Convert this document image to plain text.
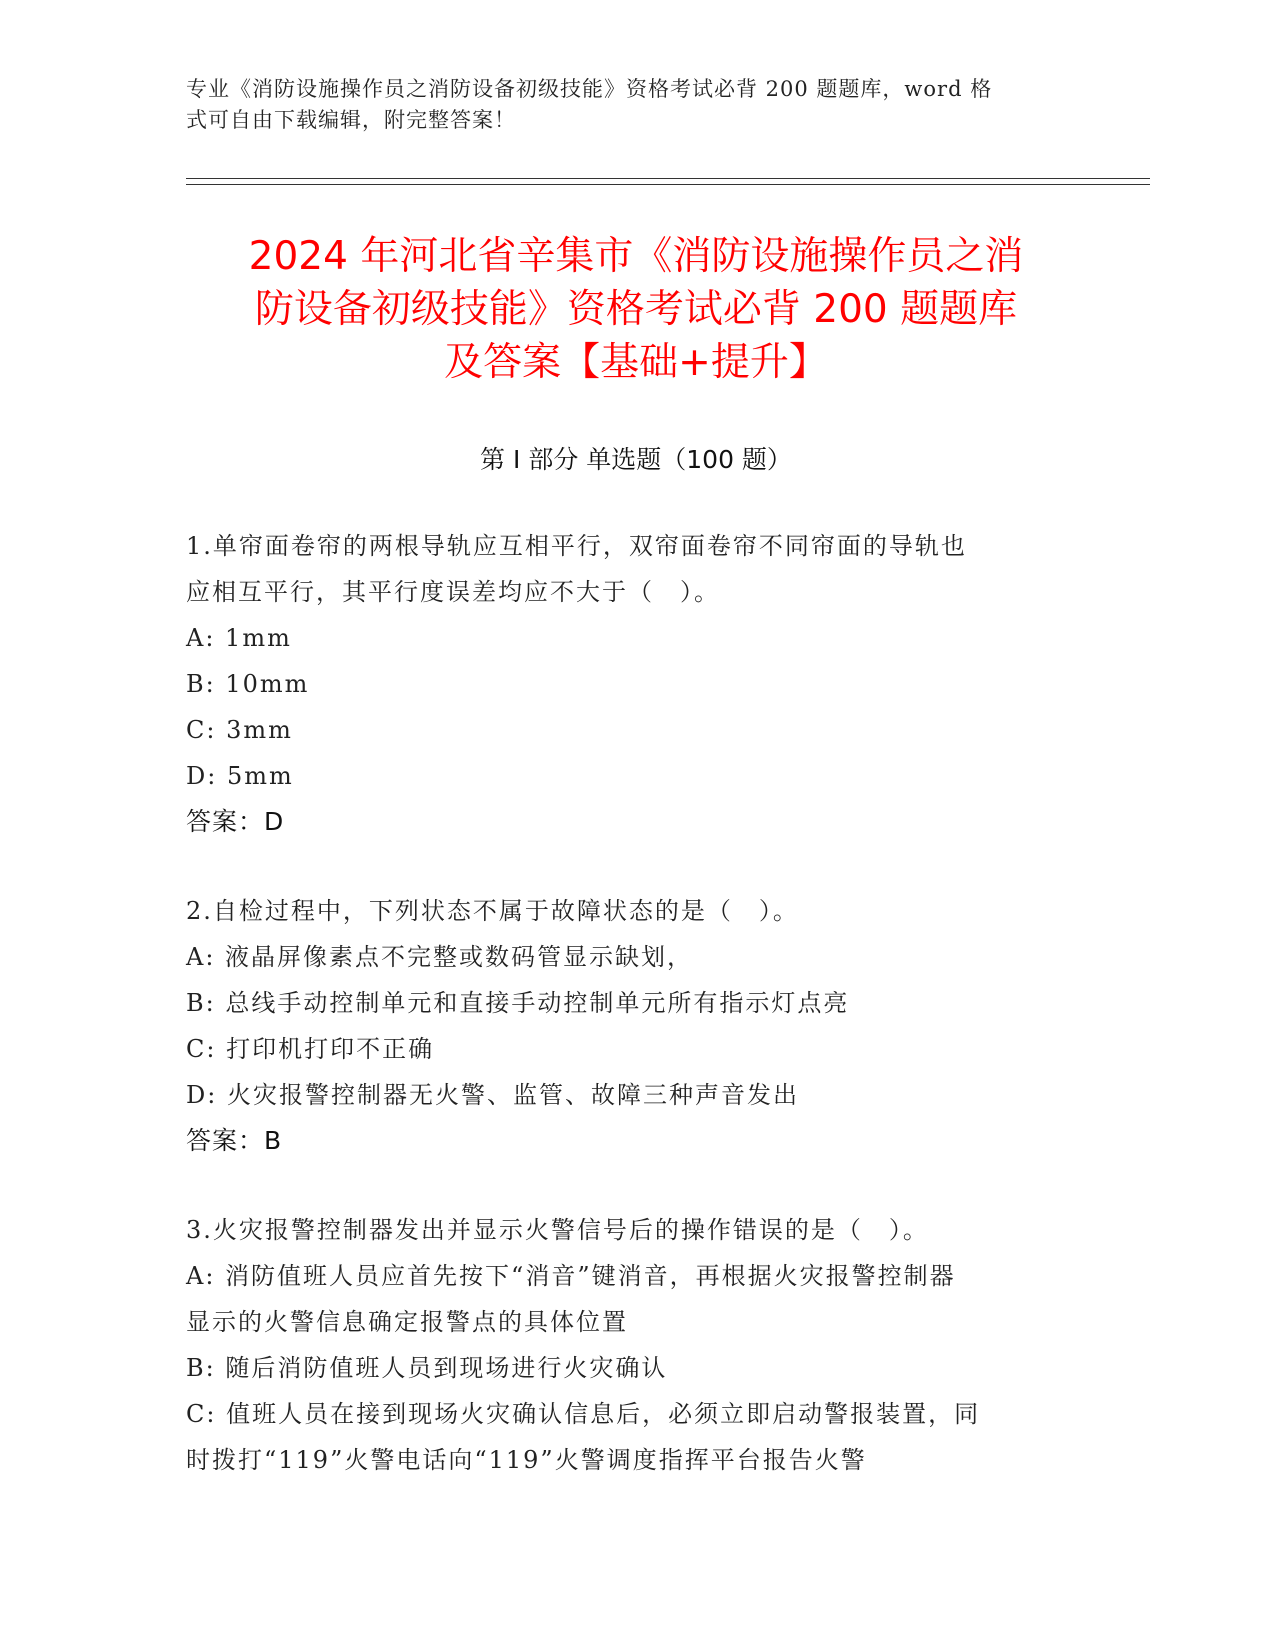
专业《消防设施操作员之消防设备初级技能》资格考试必背 200 题题库，word 格
式可自由下载编辑，附完整答案！
2024 年河北省辛集市《消防设施操作员之消
防设备初级技能》资格考试必背 200 题题库
及答案【基础+提升】
第 I 部分 单选题（100 题）

1.单帘面卷帘的两根导轨应互相平行，双帘面卷帘不同帘面的导轨也

应相互平行，其平行度误差均应不大于（　）。

A: 1mm

B: 10mm

C: 3mm

D: 5mm

答案：D

2.自检过程中，下列状态不属于故障状态的是（　）。

A: 液晶屏像素点不完整或数码管显示缺划，

B: 总线手动控制单元和直接手动控制单元所有指示灯点亮

C: 打印机打印不正确

D: 火灾报警控制器无火警、监管、故障三种声音发出

答案：B

3.火灾报警控制器发出并显示火警信号后的操作错误的是（　）。

A: 消防值班人员应首先按下“消音”键消音，再根据火灾报警控制器

显示的火警信息确定报警点的具体位置

B: 随后消防值班人员到现场进行火灾确认

C: 值班人员在接到现场火灾确认信息后，必须立即启动警报装置，同

时拨打“119”火警电话向“119”火警调度指挥平台报告火警
